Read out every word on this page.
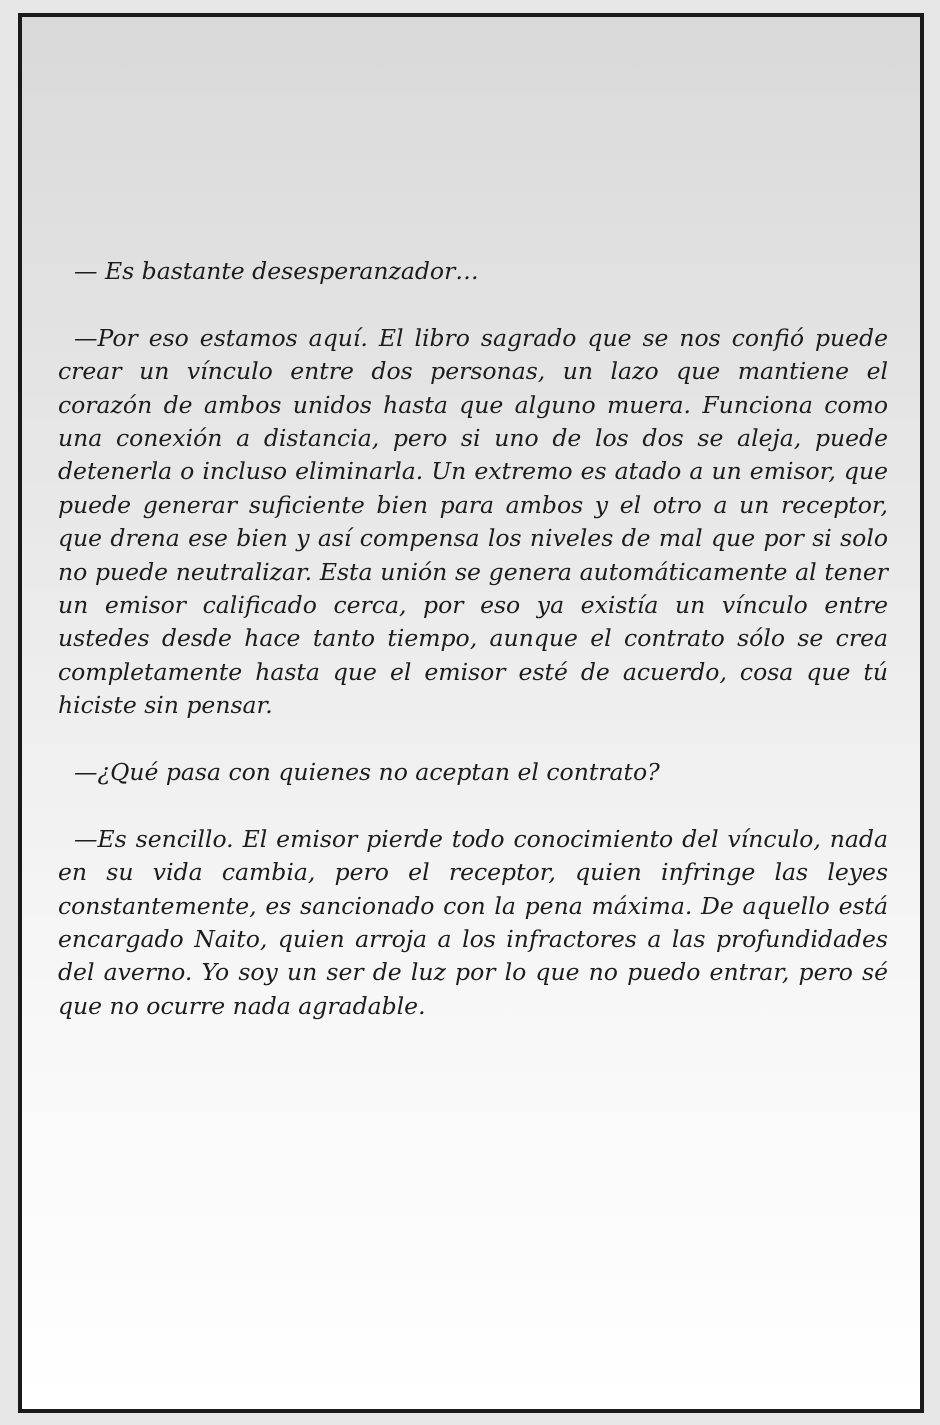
— Es bastante desesperanzador…

—Por eso estamos aquí. El libro sagrado que se nos confió puede crear un vínculo entre dos personas, un lazo que mantiene el corazón de ambos unidos hasta que alguno muera. Funciona como una conexión a distancia, pero si uno de los dos se aleja, puede detenerla o incluso eliminarla. Un extremo es atado a un emisor, que puede generar suficiente bien para ambos y el otro a un receptor, que drena ese bien y así compensa los niveles de mal que por si solo no puede neutralizar. Esta unión se genera automáticamente al tener un emisor calificado cerca, por eso ya existía un vínculo entre ustedes desde hace tanto tiempo, aunque el contrato sólo se crea completamente hasta que el emisor esté de acuerdo, cosa que tú hiciste sin pensar.

—¿Qué pasa con quienes no aceptan el contrato?

—Es sencillo. El emisor pierde todo conocimiento del vínculo, nada en su vida cambia, pero el receptor, quien infringe las leyes constantemente, es sancionado con la pena máxima. De aquello está encargado Naito, quien arroja a los infractores a las profundidades del averno. Yo soy un ser de luz por lo que no puedo entrar, pero sé que no ocurre nada agradable.
